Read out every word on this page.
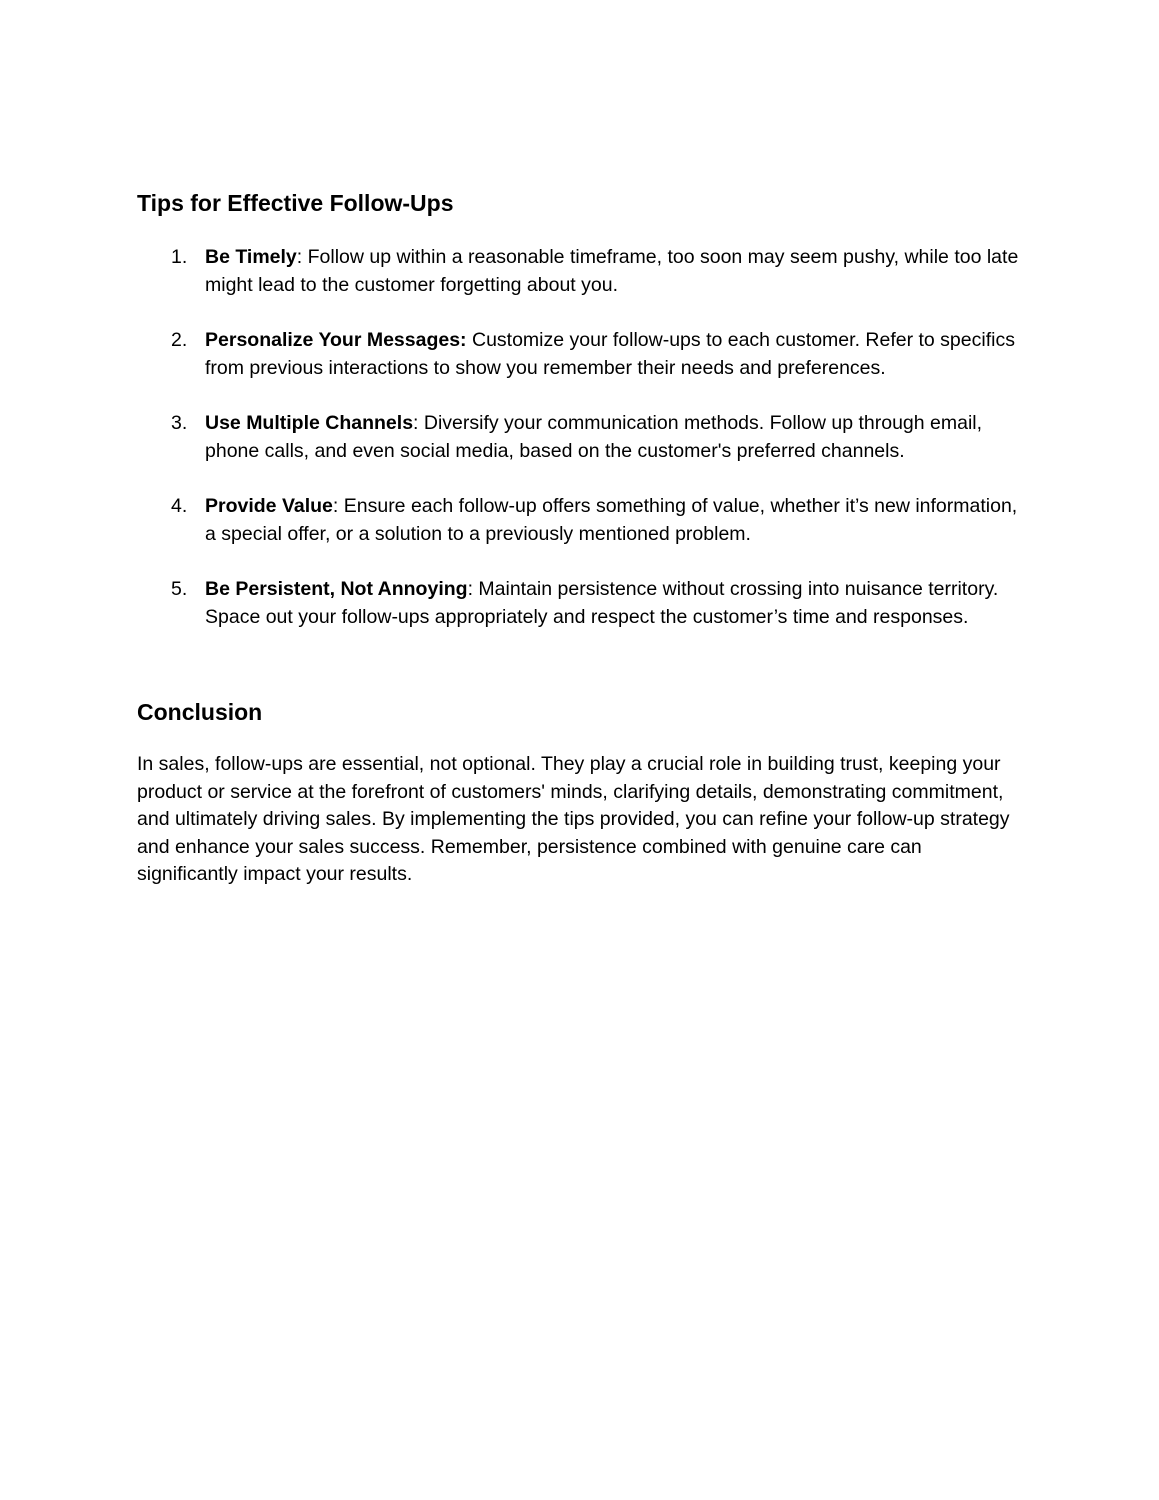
Tips for Effective Follow-Ups
1. Be Timely: Follow up within a reasonable timeframe, too soon may seem pushy, while too late might lead to the customer forgetting about you.
2. Personalize Your Messages: Customize your follow-ups to each customer. Refer to specifics from previous interactions to show you remember their needs and preferences.
3. Use Multiple Channels: Diversify your communication methods. Follow up through email, phone calls, and even social media, based on the customer's preferred channels.
4. Provide Value: Ensure each follow-up offers something of value, whether it’s new information, a special offer, or a solution to a previously mentioned problem.
5. Be Persistent, Not Annoying: Maintain persistence without crossing into nuisance territory. Space out your follow-ups appropriately and respect the customer’s time and responses.
Conclusion

In sales, follow-ups are essential, not optional. They play a crucial role in building trust, keeping your product or service at the forefront of customers' minds, clarifying details, demonstrating commitment, and ultimately driving sales. By implementing the tips provided, you can refine your follow-up strategy and enhance your sales success. Remember, persistence combined with genuine care can significantly impact your results.
